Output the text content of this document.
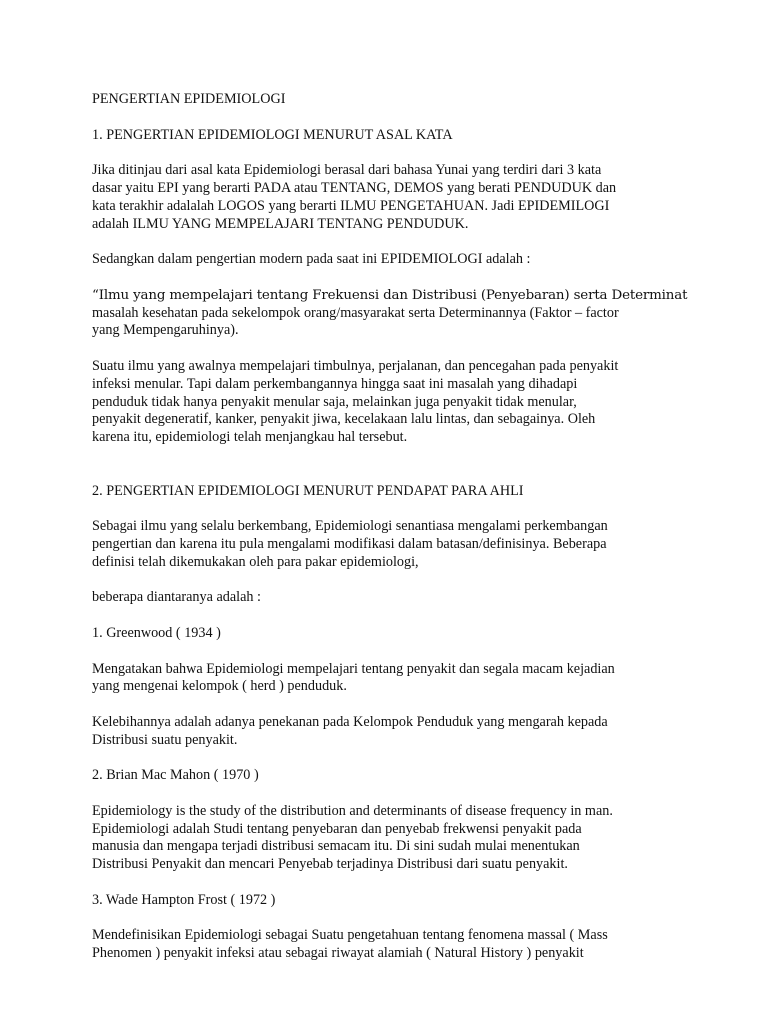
PENGERTIAN EPIDEMIOLOGI

1. PENGERTIAN EPIDEMIOLOGI MENURUT ASAL KATA

Jika ditinjau dari asal kata Epidemiologi berasal dari bahasa Yunai yang terdiri dari 3 kata
dasar yaitu EPI yang berarti PADA atau TENTANG, DEMOS yang berati PENDUDUK dan
kata terakhir adalalah LOGOS yang berarti ILMU PENGETAHUAN. Jadi EPIDEMILOGI
adalah ILMU YANG MEMPELAJARI TENTANG PENDUDUK.

Sedangkan dalam pengertian modern pada saat ini EPIDEMIOLOGI adalah :

“Ilmu yang mempelajari tentang Frekuensi dan Distribusi (Penyebaran) serta Determinat
masalah kesehatan pada sekelompok orang/masyarakat serta Determinannya (Faktor – factor
yang Mempengaruhinya).

Suatu ilmu yang awalnya mempelajari timbulnya, perjalanan, dan pencegahan pada penyakit
infeksi menular. Tapi dalam perkembangannya hingga saat ini masalah yang dihadapi
penduduk tidak hanya penyakit menular saja, melainkan juga penyakit tidak menular,
penyakit degeneratif, kanker, penyakit jiwa, kecelakaan lalu lintas, dan sebagainya. Oleh
karena itu, epidemiologi telah menjangkau hal tersebut.

2. PENGERTIAN EPIDEMIOLOGI MENURUT PENDAPAT PARA AHLI

Sebagai ilmu yang selalu berkembang, Epidemiologi senantiasa mengalami perkembangan
pengertian dan karena itu pula mengalami modifikasi dalam batasan/definisinya. Beberapa
definisi telah dikemukakan oleh para pakar epidemiologi,

beberapa diantaranya adalah :

1. Greenwood ( 1934 )

Mengatakan bahwa Epidemiologi mempelajari tentang penyakit dan segala macam kejadian
yang mengenai kelompok ( herd ) penduduk.

Kelebihannya adalah adanya penekanan pada Kelompok Penduduk yang mengarah kepada
Distribusi suatu penyakit.

2. Brian Mac Mahon ( 1970 )

Epidemiology is the study of the distribution and determinants of disease frequency in man.
Epidemiologi adalah Studi tentang penyebaran dan penyebab frekwensi penyakit pada
manusia dan mengapa terjadi distribusi semacam itu. Di sini sudah mulai menentukan
Distribusi Penyakit dan mencari Penyebab terjadinya Distribusi dari suatu penyakit.

3. Wade Hampton Frost ( 1972 )

Mendefinisikan Epidemiologi sebagai Suatu pengetahuan tentang fenomena massal ( Mass
Phenomen ) penyakit infeksi atau sebagai riwayat alamiah ( Natural History ) penyakit
